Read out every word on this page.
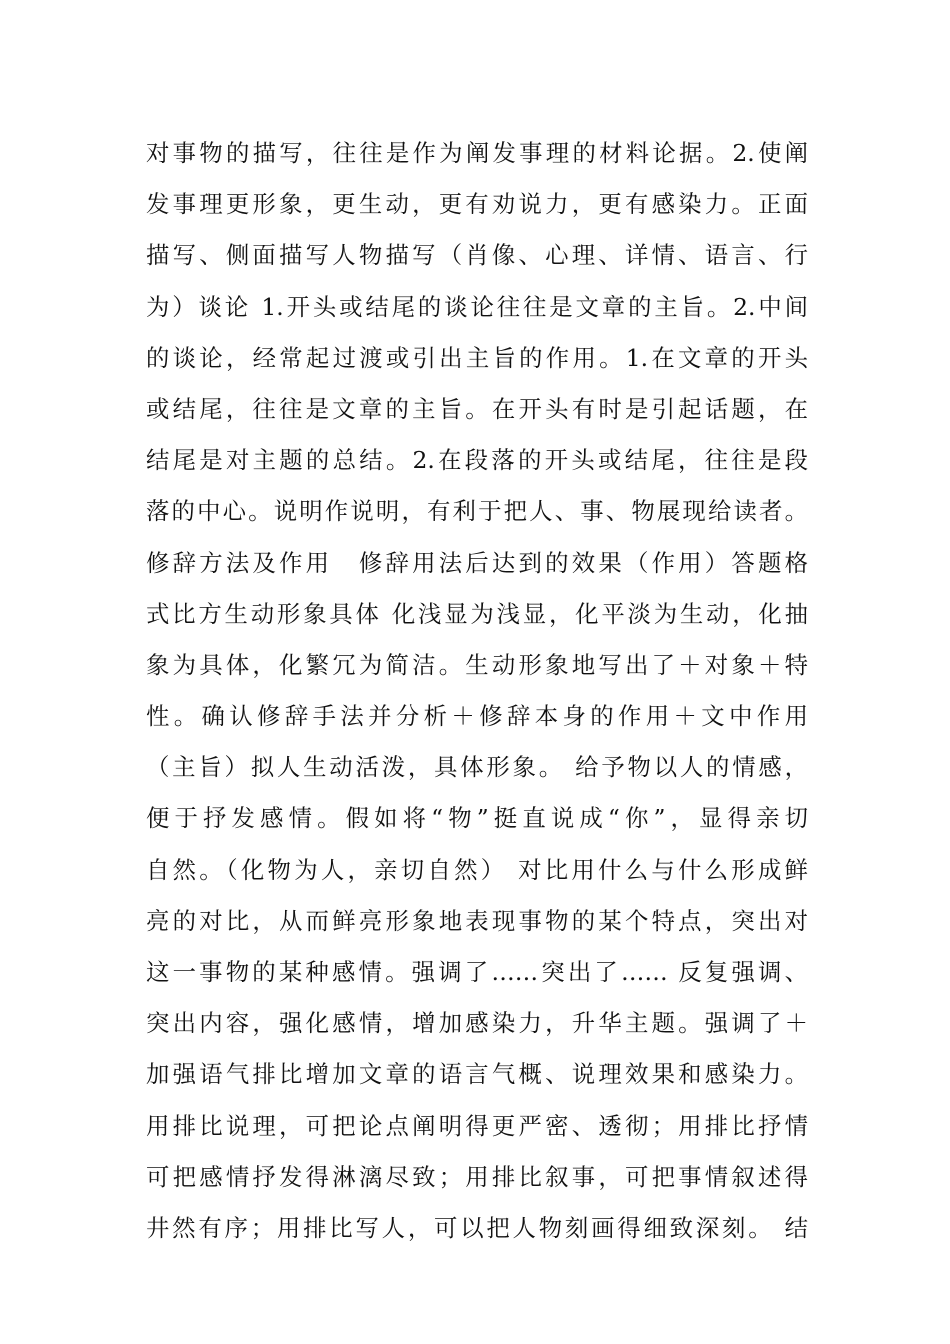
对事物的描写，往往是作为阐发事理的材料论据。2.使阐
发事理更形象，更生动，更有劝说力，更有感染力。正面
描写、侧面描写人物描写（肖像、心理、详情、语言、行
为）谈论 1.开头或结尾的谈论往往是文章的主旨。2.中间
的谈论，经常起过渡或引出主旨的作用。1.在文章的开头
或结尾，往往是文章的主旨。在开头有时是引起话题，在
结尾是对主题的总结。2.在段落的开头或结尾，往往是段
落的中心。说明作说明，有利于把人、事、物展现给读者。
修辞方法及作用　修辞用法后达到的效果（作用）答题格
式比方生动形象具体 化浅显为浅显，化平淡为生动，化抽
象为具体，化繁冗为简洁。生动形象地写出了＋对象＋特
性。确认修辞手法并分析＋修辞本身的作用＋文中作用
（主旨）拟人生动活泼，具体形象。 给予物以人的情感，
便于抒发感情。假如将“物”挺直说成“你”，显得亲切
自然。（化物为人，亲切自然） 对比用什么与什么形成鲜
亮的对比，从而鲜亮形象地表现事物的某个特点，突出对
这一事物的某种感情。强调了……突出了…… 反复强调、
突出内容，强化感情，增加感染力，升华主题。强调了＋
加强语气排比增加文章的语言气概、说理效果和感染力。
用排比说理，可把论点阐明得更严密、透彻；用排比抒情
可把感情抒发得淋漓尽致；用排比叙事，可把事情叙述得
井然有序；用排比写人，可以把人物刻画得细致深刻。 结
